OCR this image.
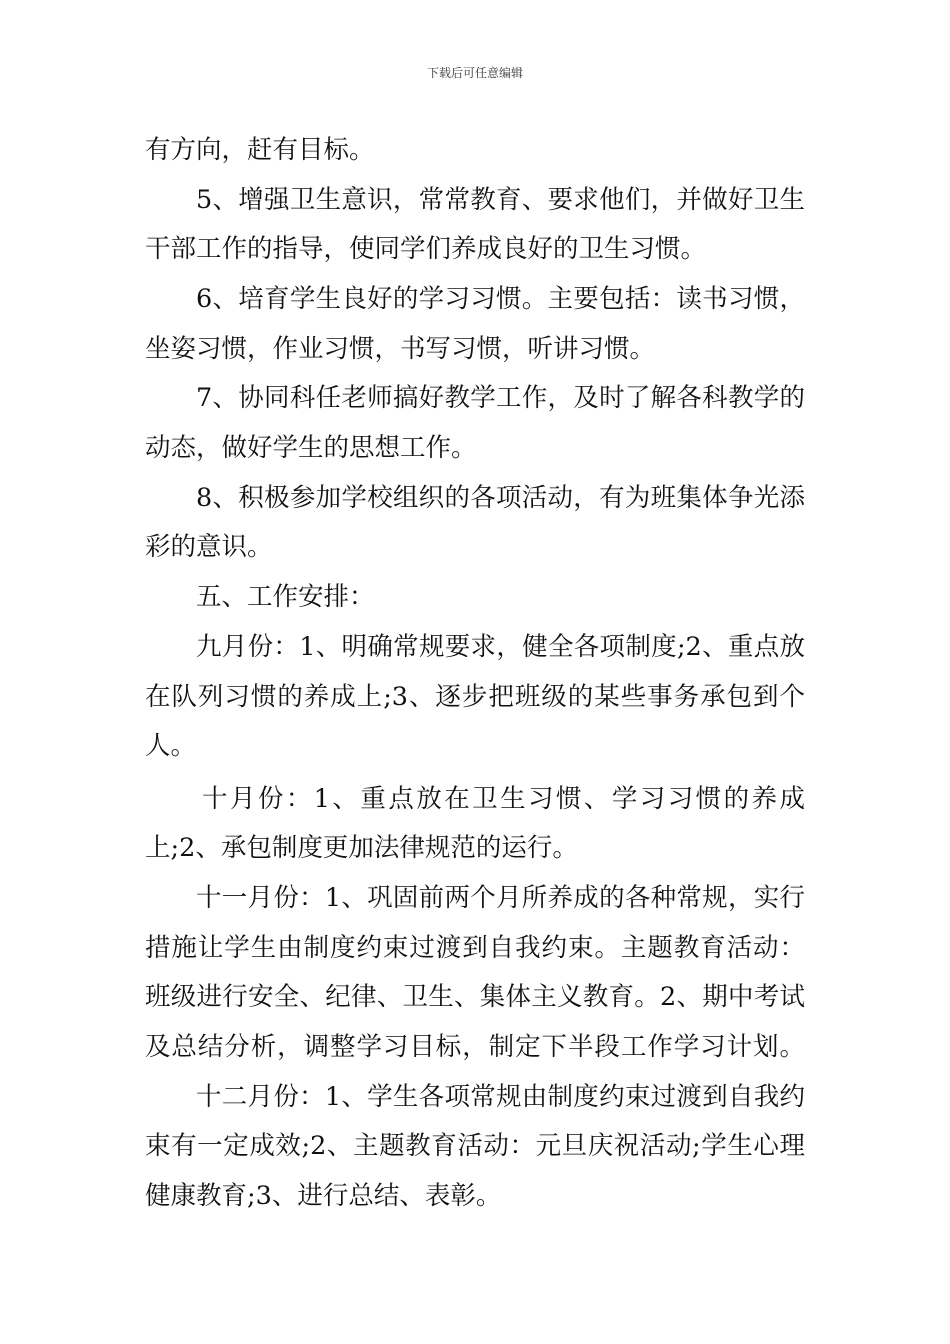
下载后可任意编辑
有方向，赶有目标。
5、增强卫生意识，常常教育、要求他们，并做好卫生
干部工作的指导，使同学们养成良好的卫生习惯。
6、培育学生良好的学习习惯。主要包括：读书习惯，
坐姿习惯，作业习惯，书写习惯，听讲习惯。
7、协同科任老师搞好教学工作，及时了解各科教学的
动态，做好学生的思想工作。
8、积极参加学校组织的各项活动，有为班集体争光添
彩的意识。
五、工作安排：
九月份：1、明确常规要求，健全各项制度;2、重点放
在队列习惯的养成上;3、逐步把班级的某些事务承包到个
人。
十月份：1、重点放在卫生习惯、学习习惯的养成
上;2、承包制度更加法律规范的运行。
十一月份：1、巩固前两个月所养成的各种常规，实行
措施让学生由制度约束过渡到自我约束。主题教育活动：
班级进行安全、纪律、卫生、集体主义教育。2、期中考试
及总结分析，调整学习目标，制定下半段工作学习计划。
十二月份：1、学生各项常规由制度约束过渡到自我约
束有一定成效;2、主题教育活动：元旦庆祝活动;学生心理
健康教育;3、进行总结、表彰。
